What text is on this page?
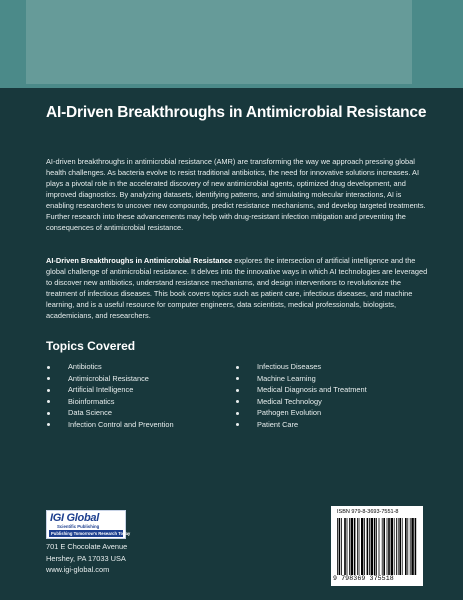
AI-Driven Breakthroughs in Antimicrobial Resistance

AI-driven breakthroughs in antimicrobial resistance (AMR) are transforming the way we approach pressing global health challenges. As bacteria evolve to resist traditional antibiotics, the need for innovative solutions increases. AI plays a pivotal role in the accelerated discovery of new antimicrobial agents, optimized drug development, and improved diagnostics. By analyzing datasets, identifying patterns, and simulating molecular interactions, AI is enabling researchers to uncover new compounds, predict resistance mechanisms, and develop targeted treatments. Further research into these advancements may help with drug-resistant infection mitigation and preventing the consequences of antimicrobial resistance.

AI-Driven Breakthroughs in Antimicrobial Resistance explores the intersection of artificial intelligence and the global challenge of antimicrobial resistance. It delves into the innovative ways in which AI technologies are leveraged to discover new antibiotics, understand resistance mechanisms, and design interventions to revolutionize the treatment of infectious diseases. This book covers topics such as patient care, infectious diseases, and machine learning, and is a useful resource for computer engineers, data scientists, medical professionals, biologists, academicians, and researchers.

Topics Covered
Antibiotics
Antimicrobial Resistance
Artificial Intelligence
Bioinformatics
Data Science
Infection Control and Prevention
Infectious Diseases
Machine Learning
Medical Diagnosis and Treatment
Medical Technology
Pathogen Evolution
Patient Care
IGI Global
Scientific Publishing
Publishing Tomorrow's Research Today
701 E Chocolate Avenue
Hershey, PA 17033 USA
www.igi-global.com
ISBN 979-8-3693-7551-8
9 798369 375518
